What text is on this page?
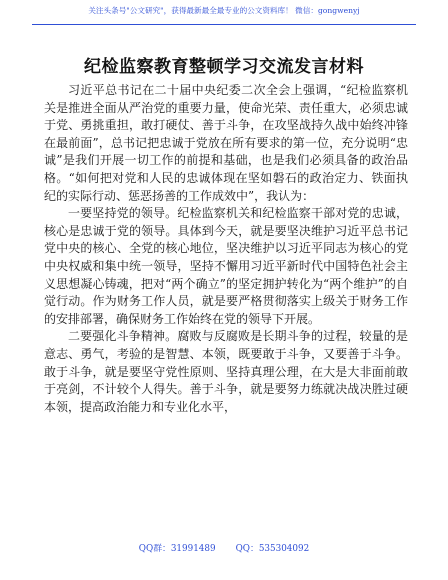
关注头条号"公文研究"，获得最新最全最专业的公文资料库！ 微信：gongwenyj
纪检监察教育整顿学习交流发言材料

习近平总书记在二十届中央纪委二次全会上强调，“纪检监察机关是推进全面从严治党的重要力量，使命光荣、责任重大，必须忠诚于党、勇挑重担，敢打硬仗、善于斗争，在攻坚战持久战中始终冲锋在最前面”，总书记把忠诚于党放在所有要求的第一位，充分说明“忠诚”是我们开展一切工作的前提和基础，也是我们必须具备的政治品格。“如何把对党和人民的忠诚体现在坚如磐石的政治定力、铁面执纪的实际行动、惩恶扬善的工作成效中”，我认为：

一要坚持党的领导。纪检监察机关和纪检监察干部对党的忠诚，核心是忠诚于党的领导。具体到今天，就是要坚决维护习近平总书记党中央的核心、全党的核心地位，坚决维护以习近平同志为核心的党中央权威和集中统一领导，坚持不懈用习近平新时代中国特色社会主义思想凝心铸魂，把对“两个确立”的坚定拥护转化为“两个维护”的自觉行动。作为财务工作人员，就是要严格贯彻落实上级关于财务工作的安排部署，确保财务工作始终在党的领导下开展。

二要强化斗争精神。腐败与反腐败是长期斗争的过程，较量的是意志、勇气，考验的是智慧、本领，既要敢于斗争，又要善于斗争。敢于斗争，就是要坚守党性原则、坚持真理公理，在大是大非面前敢于亮剑，不计较个人得失。善于斗争，就是要努力练就决战决胜过硬本领，提高政治能力和专业化水平，

QQ群：31991489 QQ：535304092
